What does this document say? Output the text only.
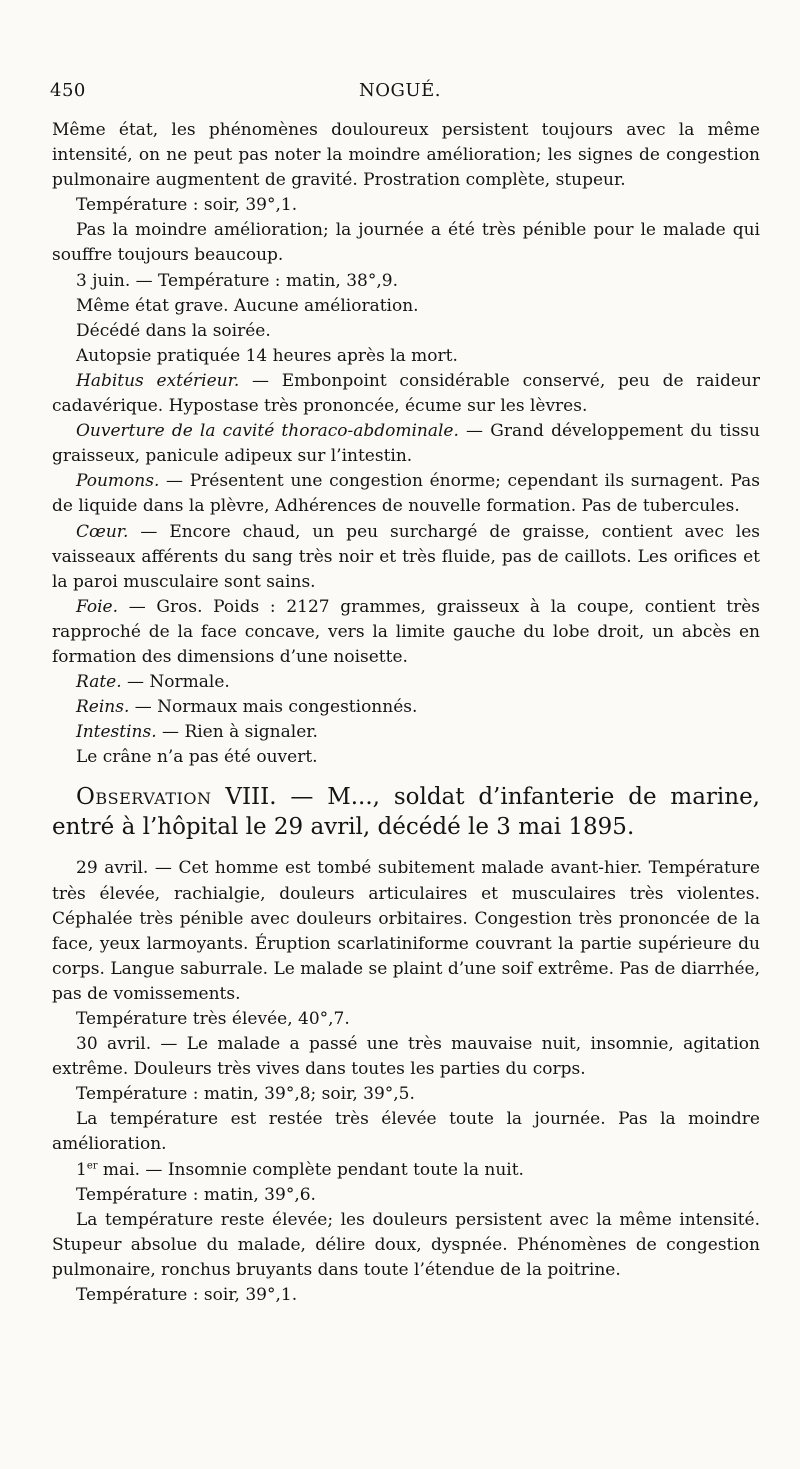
450	NOGUÉ.

Même état, les phénomènes douloureux persistent toujours avec la même intensité, on ne peut pas noter la moindre amélioration; les signes de congestion pulmonaire augmentent de gravité. Prostration complète, stupeur.

Température : soir, 39°,1.

Pas la moindre amélioration; la journée a été très pénible pour le malade qui souffre toujours beaucoup.

3 juin. — Température : matin, 38°,9.

Même état grave. Aucune amélioration.

Décédé dans la soirée.

Autopsie pratiquée 14 heures après la mort.

Habitus extérieur. — Embonpoint considérable conservé, peu de raideur cadavérique. Hypostase très prononcée, écume sur les lèvres.

Ouverture de la cavité thoraco-abdominale. — Grand développement du tissu graisseux, panicule adipeux sur l’intestin.

Poumons. — Présentent une congestion énorme; cependant ils surnagent. Pas de liquide dans la plèvre, Adhérences de nouvelle formation. Pas de tubercules.

Cœur. — Encore chaud, un peu surchargé de graisse, contient avec les vaisseaux afférents du sang très noir et très fluide, pas de caillots. Les orifices et la paroi musculaire sont sains.

Foie. — Gros. Poids : 2127 grammes, graisseux à la coupe, contient très rapproché de la face concave, vers la limite gauche du lobe droit, un abcès en formation des dimensions d’une noisette.

Rate. — Normale.

Reins. — Normaux mais congestionnés.

Intestins. — Rien à signaler.

Le crâne n’a pas été ouvert.

Observation VIII. — M..., soldat d’infanterie de marine, entré à l’hôpital le 29 avril, décédé le 3 mai 1895.

29 avril. — Cet homme est tombé subitement malade avant-hier. Température très élevée, rachialgie, douleurs articulaires et musculaires très violentes. Céphalée très pénible avec douleurs orbitaires. Congestion très prononcée de la face, yeux larmoyants. Éruption scarlatiniforme couvrant la partie supérieure du corps. Langue saburrale. Le malade se plaint d’une soif extrême. Pas de diarrhée, pas de vomissements.

Température très élevée, 40°,7.

30 avril. — Le malade a passé une très mauvaise nuit, insomnie, agitation extrême. Douleurs très vives dans toutes les parties du corps.

Température : matin, 39°,8; soir, 39°,5.

La température est restée très élevée toute la journée. Pas la moindre amélioration.

1er mai. — Insomnie complète pendant toute la nuit.

Température : matin, 39°,6.

La température reste élevée; les douleurs persistent avec la même intensité. Stupeur absolue du malade, délire doux, dyspnée. Phénomènes de congestion pulmonaire, ronchus bruyants dans toute l’étendue de la poitrine.

Température : soir, 39°,1.
